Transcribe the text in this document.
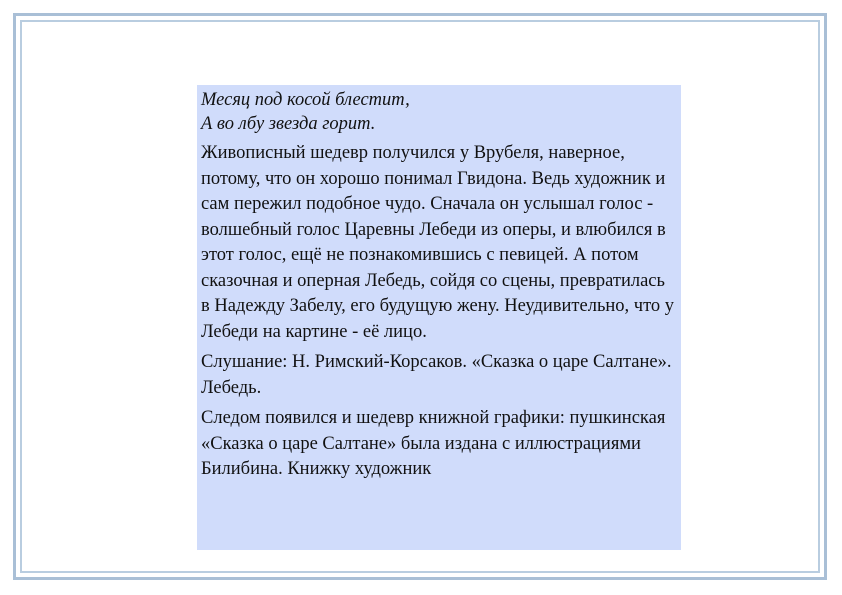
Месяц под косой блестит,
А во лбу звезда горит.

Живописный шедевр получился у Врубеля, наверное, потому, что он хорошо понимал Гвидона. Ведь художник и сам пережил подобное чудо. Сначала он услышал голос - волшебный голос Царевны Лебеди из оперы, и влюбился в этот голос, ещё не познакомившись с певицей. А потом сказочная и оперная Лебедь, сойдя со сцены, превратилась в Надежду Забелу, его будущую жену. Неудивительно, что у Лебеди на картине - её лицо.

Слушание: Н. Римский-Корсаков. «Сказка о царе Салтане». Лебедь.

Следом появился и шедевр книжной графики: пушкинская «Сказка о царе Салтане» была издана с иллюстрациями Билибина. Книжку художник
